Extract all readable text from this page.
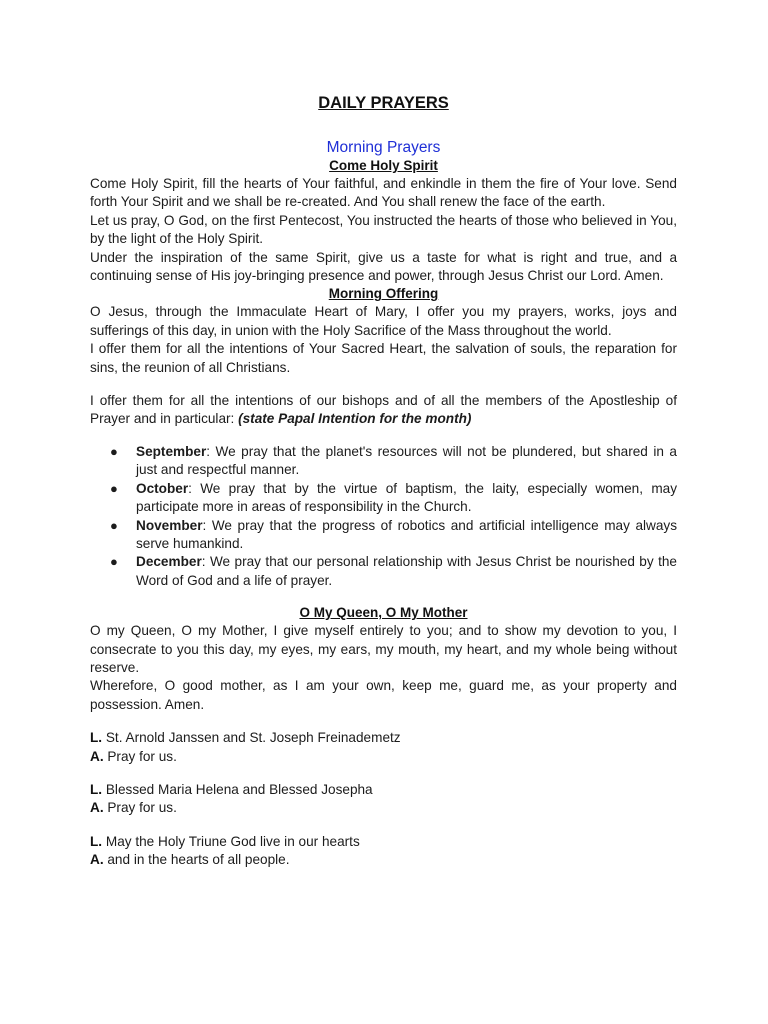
DAILY PRAYERS
Morning Prayers
Come Holy Spirit

Come Holy Spirit, fill the hearts of Your faithful, and enkindle in them the fire of Your love. Send forth Your Spirit and we shall be re-created. And You shall renew the face of the earth.

Let us pray, O God, on the first Pentecost, You instructed the hearts of those who believed in You, by the light of the Holy Spirit.

Under the inspiration of the same Spirit, give us a taste for what is right and true, and a continuing sense of His joy-bringing presence and power, through Jesus Christ our Lord. Amen.

Morning Offering

O Jesus, through the Immaculate Heart of Mary, I offer you my prayers, works, joys and sufferings of this day, in union with the Holy Sacrifice of the Mass throughout the world.

I offer them for all the intentions of Your Sacred Heart, the salvation of souls, the reparation for sins, the reunion of all Christians.

I offer them for all the intentions of our bishops and of all the members of the Apostleship of Prayer and in particular: (state Papal Intention for the month)

● September: We pray that the planet's resources will not be plundered, but shared in a just and respectful manner.
● October: We pray that by the virtue of baptism, the laity, especially women, may participate more in areas of responsibility in the Church.
● November: We pray that the progress of robotics and artificial intelligence may always serve humankind.
● December: We pray that our personal relationship with Jesus Christ be nourished by the Word of God and a life of prayer.
O My Queen, O My Mother

O my Queen, O my Mother, I give myself entirely to you; and to show my devotion to you, I consecrate to you this day, my eyes, my ears, my mouth, my heart, and my whole being without reserve.

Wherefore, O good mother, as I am your own, keep me, guard me, as your property and possession. Amen.

L. St. Arnold Janssen and St. Joseph Freinademetz

A. Pray for us.

L. Blessed Maria Helena and Blessed Josepha

A. Pray for us.

L. May the Holy Triune God live in our hearts

A. and in the hearts of all people.
